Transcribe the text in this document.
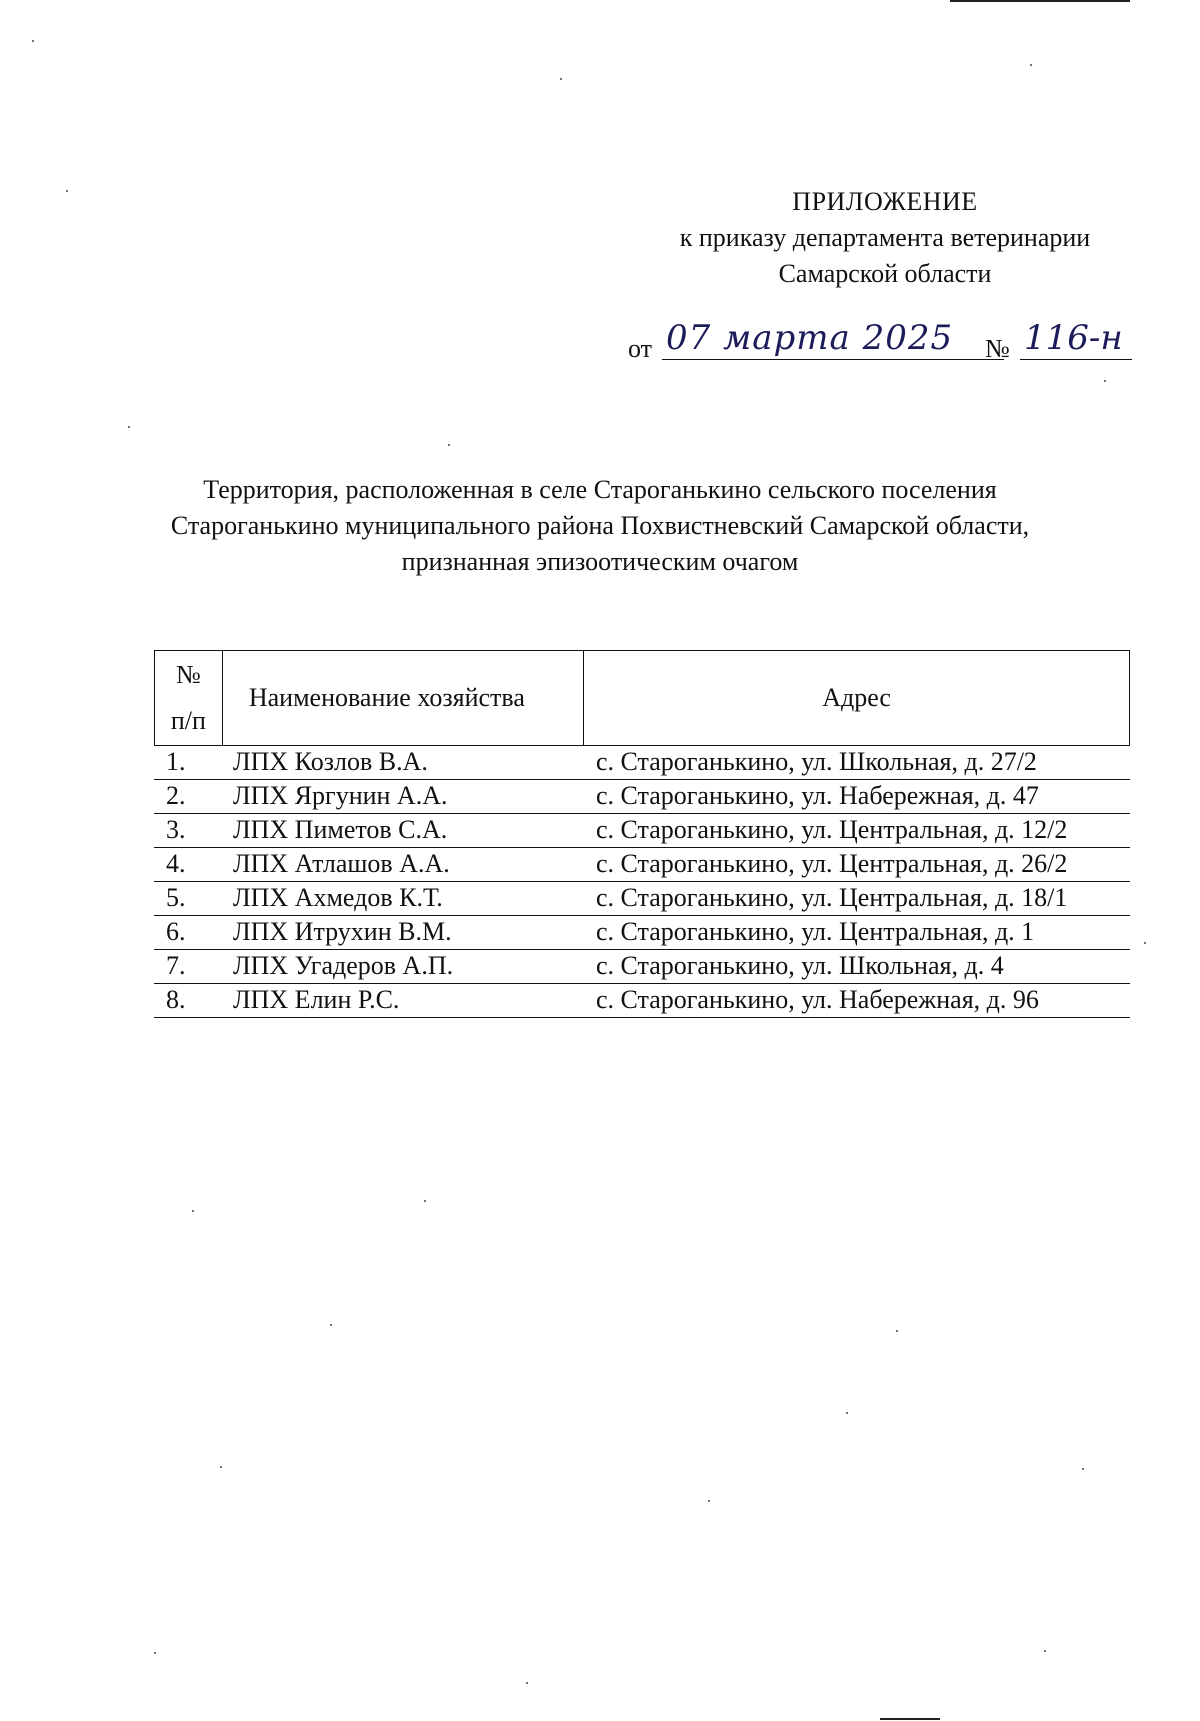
ПРИЛОЖЕНИЕ
к приказу департамента ветеринарии
Самарской области
от 07 марта 2025	№ 116-н
Территория, расположенная в селе Староганькино сельского поселения
Староганькино муниципального района Похвистневский Самарской области,
признанная эпизоотическим очагом
№
п/п
Наименование хозяйства	Адрес
1.	ЛПХ Козлов В.А.	с. Староганькино, ул. Школьная, д. 27/2
2.	ЛПХ Яргунин А.А.	с. Староганькино, ул. Набережная, д. 47
3.	ЛПХ Пиметов С.А.	с. Староганькино, ул. Центральная, д. 12/2
4.	ЛПХ Атлашов А.А.	с. Староганькино, ул. Центральная, д. 26/2
5.	ЛПХ Ахмедов К.Т.	с. Староганькино, ул. Центральная, д. 18/1
6.	ЛПХ Итрухин В.М.	с. Староганькино, ул. Центральная, д. 1
7.	ЛПХ Угадеров А.П.	с. Староганькино, ул. Школьная, д. 4
8.	ЛПХ Елин Р.С.	с. Староганькино, ул. Набережная, д. 96
